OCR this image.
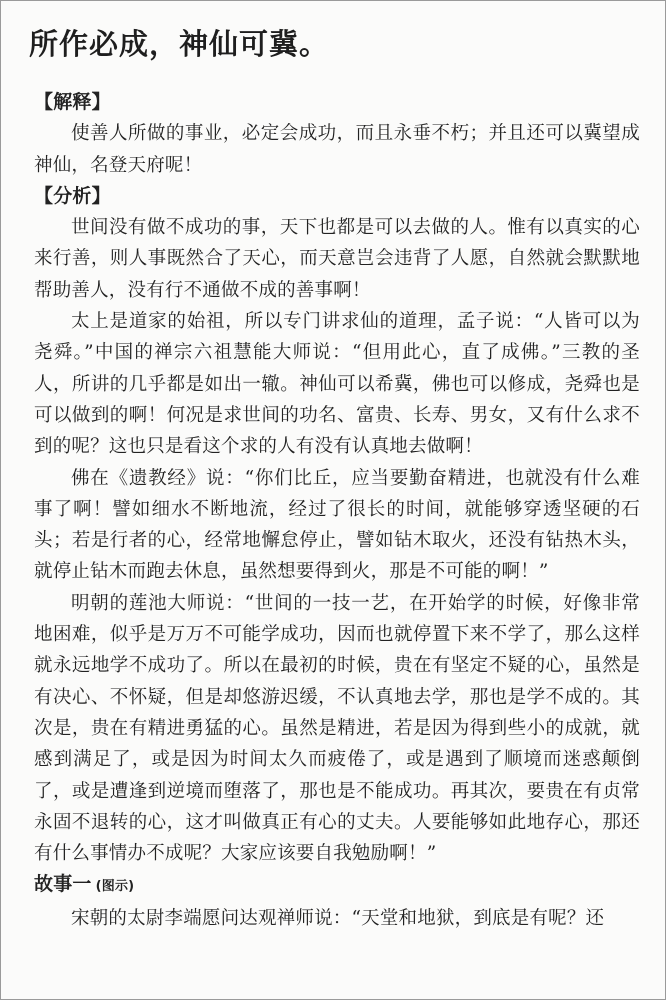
所作必成，神仙可冀。

【解释】

使善人所做的事业，必定会成功，而且永垂不朽；并且还可以冀望成神仙，名登天府呢！

【分析】

世间没有做不成功的事，天下也都是可以去做的人。惟有以真实的心来行善，则人事既然合了天心，而天意岂会违背了人愿，自然就会默默地帮助善人，没有行不通做不成的善事啊！

太上是道家的始祖，所以专门讲求仙的道理，孟子说：“人皆可以为尧舜。”中国的禅宗六祖慧能大师说：“但用此心，直了成佛。”三教的圣人，所讲的几乎都是如出一辙。神仙可以希冀，佛也可以修成，尧舜也是可以做到的啊！何况是求世间的功名、富贵、长寿、男女，又有什么求不到的呢？这也只是看这个求的人有没有认真地去做啊！

佛在《遗教经》说：“你们比丘，应当要勤奋精进，也就没有什么难事了啊！譬如细水不断地流，经过了很长的时间，就能够穿透坚硬的石头；若是行者的心，经常地懈怠停止，譬如钻木取火，还没有钻热木头，就停止钻木而跑去休息，虽然想要得到火，那是不可能的啊！”

明朝的莲池大师说：“世间的一技一艺，在开始学的时候，好像非常地困难，似乎是万万不可能学成功，因而也就停置下来不学了，那么这样就永远地学不成功了。所以在最初的时候，贵在有坚定不疑的心，虽然是有决心、不怀疑，但是却悠游迟缓，不认真地去学，那也是学不成的。其次是，贵在有精进勇猛的心。虽然是精进，若是因为得到些小的成就，就感到满足了，或是因为时间太久而疲倦了，或是遇到了顺境而迷惑颠倒了，或是遭逢到逆境而堕落了，那也是不能成功。再其次，要贵在有贞常永固不退转的心，这才叫做真正有心的丈夫。人要能够如此地存心，那还有什么事情办不成呢？大家应该要自我勉励啊！”

故事一 (图示)

宋朝的太尉李端愿问达观禅师说：“天堂和地狱，到底是有呢？还
